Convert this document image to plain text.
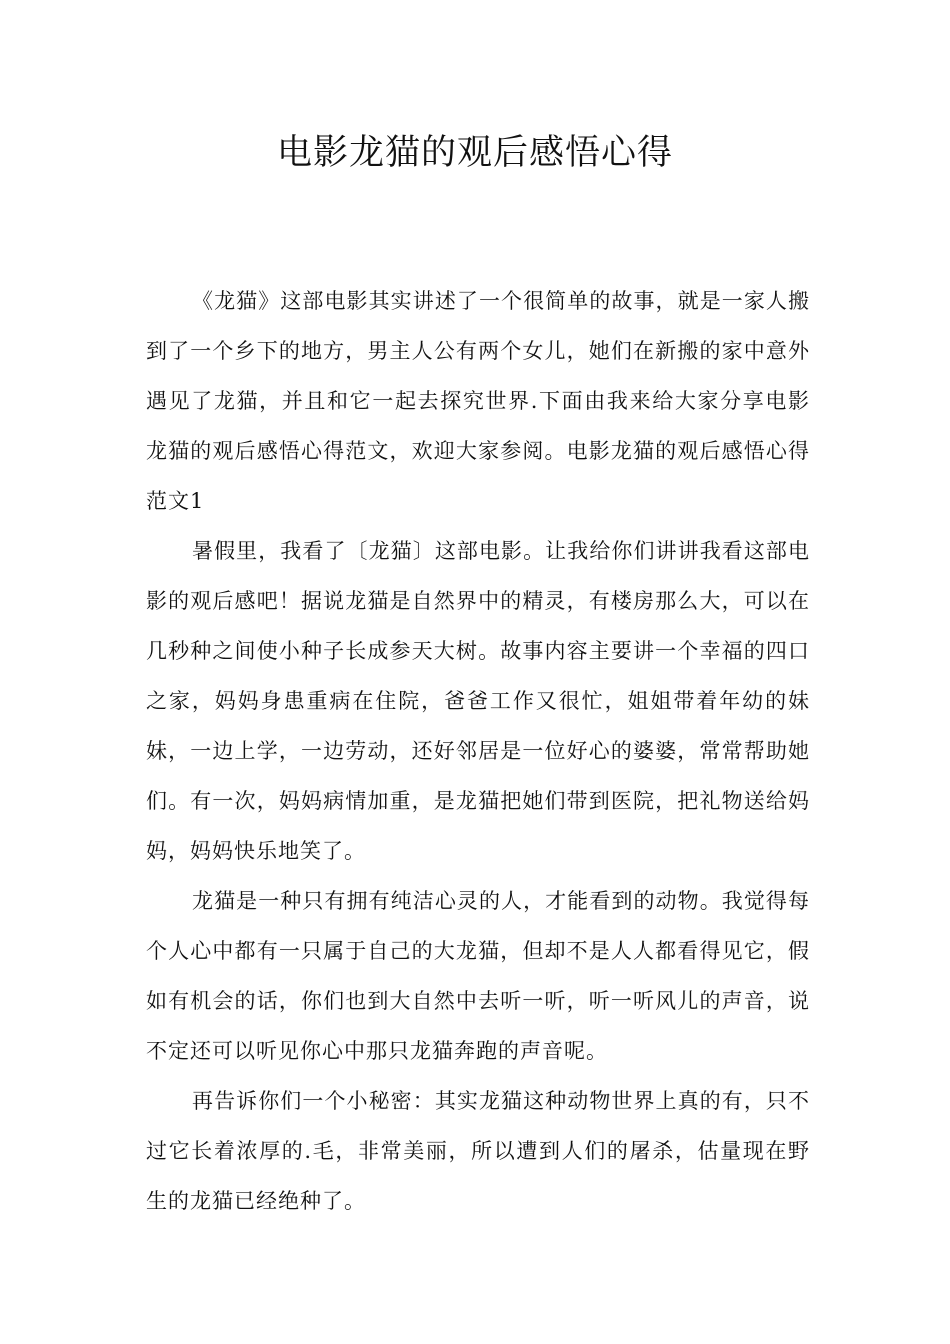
电影龙猫的观后感悟心得

《龙猫》这部电影其实讲述了一个很简单的故事，就是一家人搬到了一个乡下的地方，男主人公有两个女儿，她们在新搬的家中意外遇见了龙猫，并且和它一起去探究世界.下面由我来给大家分享电影龙猫的观后感悟心得范文，欢迎大家参阅。电影龙猫的观后感悟心得范文1

暑假里，我看了〔龙猫〕这部电影。让我给你们讲讲我看这部电影的观后感吧！据说龙猫是自然界中的精灵，有楼房那么大，可以在几秒种之间使小种子长成参天大树。故事内容主要讲一个幸福的四口之家，妈妈身患重病在住院，爸爸工作又很忙，姐姐带着年幼的妹妹，一边上学，一边劳动，还好邻居是一位好心的婆婆，常常帮助她们。有一次，妈妈病情加重，是龙猫把她们带到医院，把礼物送给妈妈，妈妈快乐地笑了。

龙猫是一种只有拥有纯洁心灵的人，才能看到的动物。我觉得每个人心中都有一只属于自己的大龙猫，但却不是人人都看得见它，假如有机会的话，你们也到大自然中去听一听，听一听风儿的声音，说不定还可以听见你心中那只龙猫奔跑的声音呢。

再告诉你们一个小秘密：其实龙猫这种动物世界上真的有，只不过它长着浓厚的.毛，非常美丽，所以遭到人们的屠杀，估量现在野生的龙猫已经绝种了。
